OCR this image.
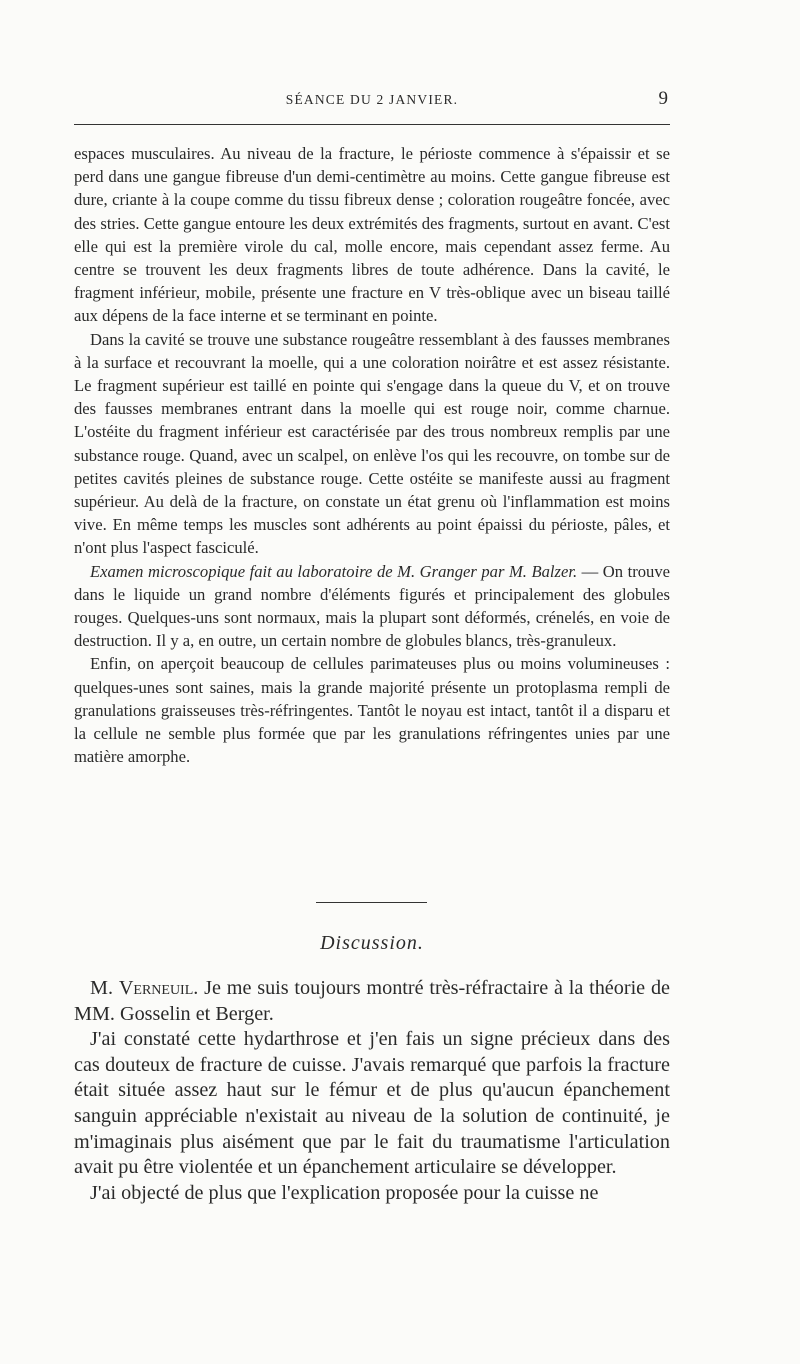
SÉANCE DU 2 JANVIER.	9

espaces musculaires. Au niveau de la fracture, le périoste commence à s'épaissir et se perd dans une gangue fibreuse d'un demi-centimètre au moins. Cette gangue fibreuse est dure, criante à la coupe comme du tissu fibreux dense ; coloration rougeâtre foncée, avec des stries. Cette gangue entoure les deux extrémités des fragments, surtout en avant. C'est elle qui est la première virole du cal, molle encore, mais cependant assez ferme. Au centre se trouvent les deux fragments libres de toute adhérence. Dans la cavité, le fragment inférieur, mobile, présente une fracture en V très-oblique avec un biseau taillé aux dépens de la face interne et se terminant en pointe.

Dans la cavité se trouve une substance rougeâtre ressemblant à des fausses membranes à la surface et recouvrant la moelle, qui a une coloration noirâtre et est assez résistante. Le fragment supérieur est taillé en pointe qui s'engage dans la queue du V, et on trouve des fausses membranes entrant dans la moelle qui est rouge noir, comme charnue. L'ostéite du fragment inférieur est caractérisée par des trous nombreux remplis par une substance rouge. Quand, avec un scalpel, on enlève l'os qui les recouvre, on tombe sur de petites cavités pleines de substance rouge. Cette ostéite se manifeste aussi au fragment supérieur. Au delà de la fracture, on constate un état grenu où l'inflammation est moins vive. En même temps les muscles sont adhérents au point épaissi du périoste, pâles, et n'ont plus l'aspect fasciculé.

Examen microscopique fait au laboratoire de M. Granger par M. Balzer. — On trouve dans le liquide un grand nombre d'éléments figurés et principalement des globules rouges. Quelques-uns sont normaux, mais la plupart sont déformés, crénelés, en voie de destruction. Il y a, en outre, un certain nombre de globules blancs, très-granuleux.

Enfin, on aperçoit beaucoup de cellules parimateuses plus ou moins volumineuses : quelques-unes sont saines, mais la grande majorité présente un protoplasma rempli de granulations graisseuses très-réfringentes. Tantôt le noyau est intact, tantôt il a disparu et la cellule ne semble plus formée que par les granulations réfringentes unies par une matière amorphe.

Discussion.

M. Verneuil. Je me suis toujours montré très-réfractaire à la théorie de MM. Gosselin et Berger.

J'ai constaté cette hydarthrose et j'en fais un signe précieux dans des cas douteux de fracture de cuisse. J'avais remarqué que parfois la fracture était située assez haut sur le fémur et de plus qu'aucun épanchement sanguin appréciable n'existait au niveau de la solution de continuité, je m'imaginais plus aisément que par le fait du traumatisme l'articulation avait pu être violentée et un épanchement articulaire se développer.

J'ai objecté de plus que l'explication proposée pour la cuisse ne
